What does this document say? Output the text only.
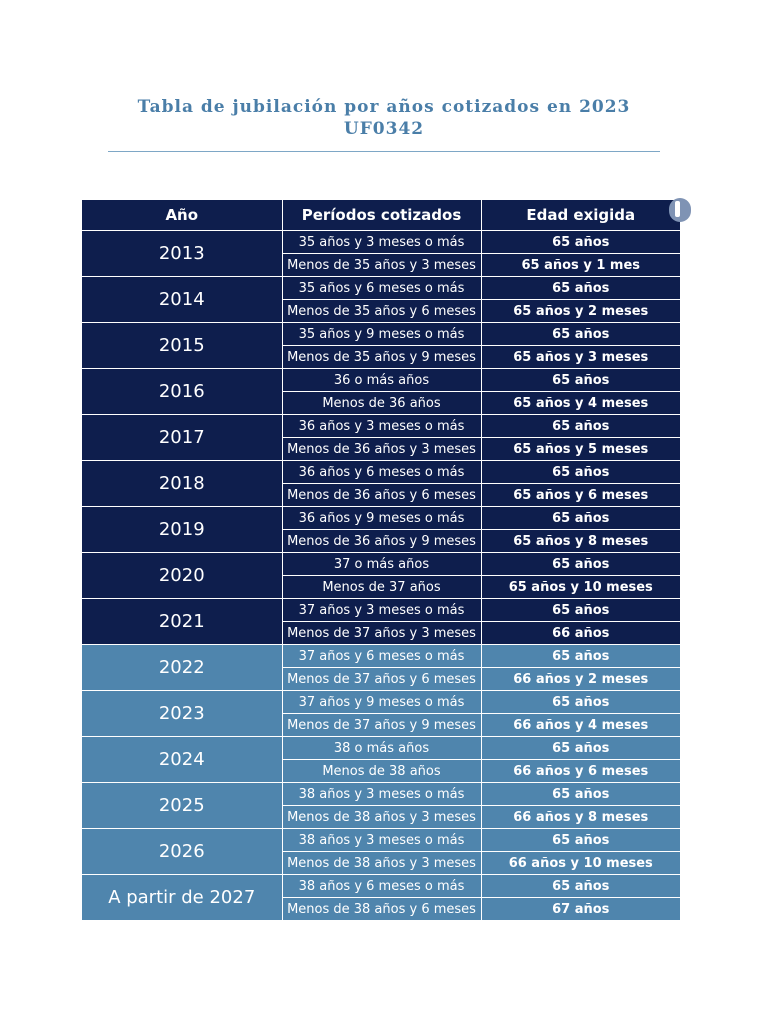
Tabla de jubilación por años cotizados en 2023
UF0342
Año	Períodos cotizados	Edad exigida
2013	35 años y 3 meses o más	65 años
	Menos de 35 años y 3 meses	65 años y 1 mes
2014	35 años y 6 meses o más	65 años
	Menos de 35 años y 6 meses	65 años y 2 meses
2015	35 años y 9 meses o más	65 años
	Menos de 35 años y 9 meses	65 años y 3 meses
2016	36 o más años	65 años
	Menos de 36 años	65 años y 4 meses
2017	36 años y 3 meses o más	65 años
	Menos de 36 años y 3 meses	65 años y 5 meses
2018	36 años y 6 meses o más	65 años
	Menos de 36 años y 6 meses	65 años y 6 meses
2019	36 años y 9 meses o más	65 años
	Menos de 36 años y 9 meses	65 años y 8 meses
2020	37 o más años	65 años
	Menos de 37 años	65 años y 10 meses
2021	37 años y 3 meses o más	65 años
	Menos de 37 años y 3 meses	66 años
2022	37 años y 6 meses o más	65 años
	Menos de 37 años y 6 meses	66 años y 2 meses
2023	37 años y 9 meses o más	65 años
	Menos de 37 años y 9 meses	66 años y 4 meses
2024	38 o más años	65 años
	Menos de 38 años	66 años y 6 meses
2025	38 años y 3 meses o más	65 años
	Menos de 38 años y 3 meses	66 años y 8 meses
2026	38 años y 3 meses o más	65 años
	Menos de 38 años y 3 meses	66 años y 10 meses
A partir de 2027	38 años y 6 meses o más	65 años
	Menos de 38 años y 6 meses	67 años
